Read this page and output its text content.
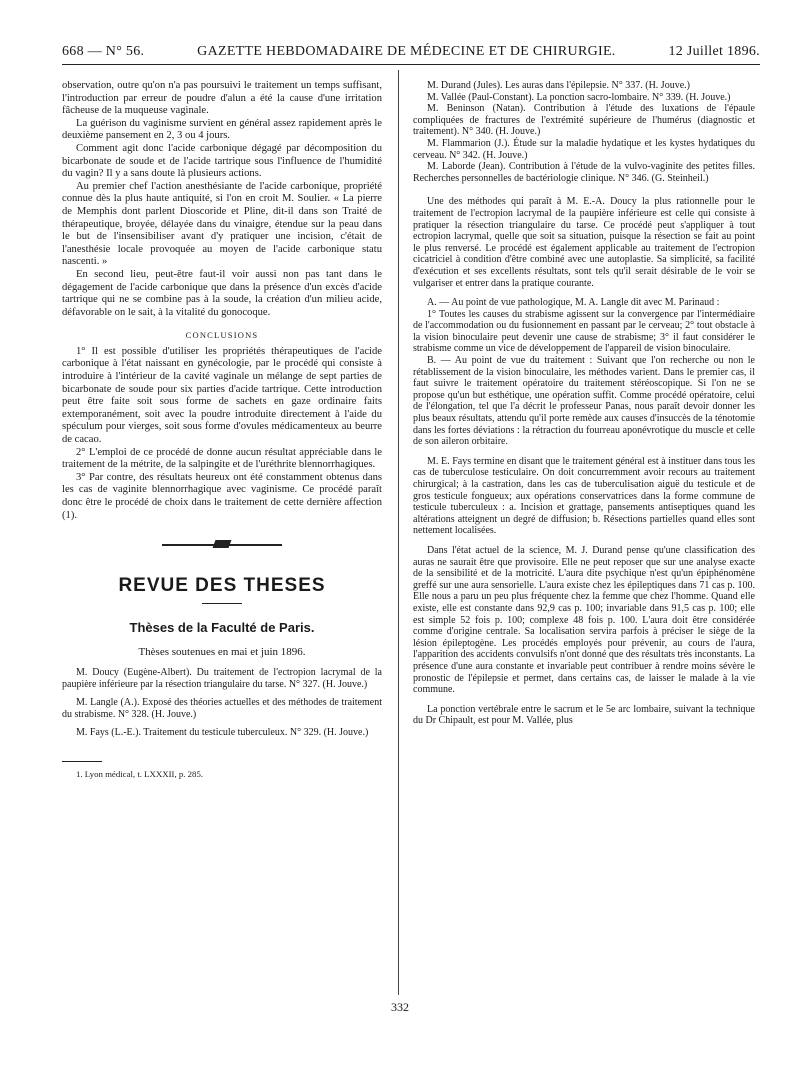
668 — N° 56.	GAZETTE HEBDOMADAIRE DE MÉDECINE ET DE CHIRURGIE.	12 Juillet 1896.

observation, outre qu'on n'a pas poursuivi le traitement un temps suffisant, l'introduction par erreur de poudre d'alun a été la cause d'une irritation fâcheuse de la muqueuse vaginale.

La guérison du vaginisme survient en général assez rapidement après le deuxième pansement en 2, 3 ou 4 jours.

Comment agit donc l'acide carbonique dégagé par décomposition du bicarbonate de soude et de l'acide tartrique sous l'influence de l'humidité du vagin? Il y a sans doute là plusieurs actions.

Au premier chef l'action anesthésiante de l'acide carbonique, propriété connue dès la plus haute antiquité, si l'on en croit M. Soulier. « La pierre de Memphis dont parlent Dioscoride et Pline, dit-il dans son Traité de thérapeutique, broyée, délayée dans du vinaigre, étendue sur la peau dans le but de l'insensibiliser avant d'y pratiquer une incision, c'était de l'anesthésie locale provoquée au moyen de l'acide carbonique statu nascenti. »

En second lieu, peut-être faut-il voir aussi non pas tant dans le dégagement de l'acide carbonique que dans la présence d'un excès d'acide tartrique qui ne se combine pas à la soude, la création d'un milieu acide, défavorable on le sait, à la vitalité du gonocoque.

CONCLUSIONS

1° Il est possible d'utiliser les propriétés thérapeutiques de l'acide carbonique à l'état naissant en gynécologie, par le procédé qui consiste à introduire à l'intérieur de la cavité vaginale un mélange de sept parties de bicarbonate de soude pour six parties d'acide tartrique. Cette introduction peut être faite soit sous forme de sachets en gaze ordinaire faits extemporanément, soit avec la poudre introduite directement à l'aide du spéculum pour vierges, soit sous forme d'ovules médicamenteux au beurre de cacao.

2° L'emploi de ce procédé de donne aucun résultat appréciable dans le traitement de la métrite, de la salpingite et de l'uréthrite blennorrhagiques.

3° Par contre, des résultats heureux ont été constamment obtenus dans les cas de vaginite blennorrhagique avec vaginisme. Ce procédé paraît donc être le procédé de choix dans le traitement de cette dernière affection (1).

REVUE DES THESES
Thèses de la Faculté de Paris.
Thèses soutenues en mai et juin 1896.

M. Doucy (Eugène-Albert). Du traitement de l'ectropion lacrymal de la paupière inférieure par la résection triangulaire du tarse. N° 327. (H. Jouve.)

M. Langle (A.). Exposé des théories actuelles et des méthodes de traitement du strabisme. N° 328. (H. Jouve.)

M. Fays (L.-E.). Traitement du testicule tuberculeux. N° 329. (H. Jouve.)

1. Lyon médical, t. LXXXII, p. 285.

M. Durand (Jules). Les auras dans l'épilepsie. N° 337. (H. Jouve.)

M. Vallée (Paul-Constant). La ponction sacro-lombaire. N° 339. (H. Jouve.)

M. Beninson (Natan). Contribution à l'étude des luxations de l'épaule compliquées de fractures de l'extrémité supérieure de l'humérus (diagnostic et traitement). N° 340. (H. Jouve.)

M. Flammarion (J.). Étude sur la maladie hydatique et les kystes hydatiques du cerveau. N° 342. (H. Jouve.)

M. Laborde (Jean). Contribution à l'étude de la vulvo-vaginite des petites filles. Recherches personnelles de bactériologie clinique. N° 346. (G. Steinheil.)

Une des méthodes qui paraît à M. E.-A. Doucy la plus rationnelle pour le traitement de l'ectropion lacrymal de la paupière inférieure est celle qui consiste à pratiquer la résection triangulaire du tarse. Ce procédé peut s'appliquer à tout ectropion lacrymal, quelle que soit sa situation, puisque la résection se fait au point le plus renversé. Le procédé est également applicable au traitement de l'ectropion cicatriciel à condition d'être combiné avec une autoplastie. Sa simplicité, sa facilité d'exécution et ses excellents résultats, sont tels qu'il serait désirable de le voir se vulgariser et entrer dans la pratique courante.

A. — Au point de vue pathologique, M. A. Langle dit avec M. Parinaud :

1° Toutes les causes du strabisme agissent sur la convergence par l'intermédiaire de l'accommodation ou du fusionnement en passant par le cerveau; 2° tout obstacle à la vision binoculaire peut devenir une cause de strabisme; 3° il faut considérer le strabisme comme un vice de développement de l'appareil de vision binoculaire.

B. — Au point de vue du traitement : Suivant que l'on recherche ou non le rétablissement de la vision binoculaire, les méthodes varient. Dans le premier cas, il faut suivre le traitement opératoire du traitement stéréoscopique. Si l'on ne se propose qu'un but esthétique, une opération suffit. Comme procédé opératoire, celui de l'élongation, tel que l'a décrit le professeur Panas, nous paraît devoir donner les plus beaux résultats, attendu qu'il porte remède aux causes d'insuccès de la ténotomie dans les fortes déviations : la rétraction du fourreau aponévrotique du muscle et celle de son aileron orbitaire.

M. E. Fays termine en disant que le traitement général est à instituer dans tous les cas de tuberculose testiculaire. On doit concurremment avoir recours au traitement chirurgical; à la castration, dans les cas de tuberculisation aiguë du testicule et de gros testicule fongueux; aux opérations conservatrices dans la forme commune de testicule tuberculeux : a. Incision et grattage, pansements antiseptiques quand les altérations atteignent un degré de diffusion; b. Résections partielles quand elles sont nettement localisées.

Dans l'état actuel de la science, M. J. Durand pense qu'une classification des auras ne saurait être que provisoire. Elle ne peut reposer que sur une analyse exacte de la sensibilité et de la motricité. L'aura dite psychique n'est qu'un épiphénomène greffé sur une aura sensorielle. L'aura existe chez les épileptiques dans 71 cas p. 100. Elle nous a paru un peu plus fréquente chez la femme que chez l'homme. Quand elle existe, elle est constante dans 92,9 cas p. 100; invariable dans 91,5 cas p. 100; elle est simple 52 fois p. 100; complexe 48 fois p. 100. L'aura doit être considérée comme d'origine centrale. Sa localisation servira parfois à préciser le siège de la lésion épileptogène. Les procédés employés pour prévenir, au cours de l'aura, l'apparition des accidents convulsifs n'ont donné que des résultats très inconstants. La présence d'une aura constante et invariable peut contribuer à rendre moins sévère le pronostic de l'épilepsie et permet, dans certains cas, de laisser le malade à la vie commune.

La ponction vertébrale entre le sacrum et le 5e arc lombaire, suivant la technique du Dr Chipault, est pour M. Vallée, plus

332
